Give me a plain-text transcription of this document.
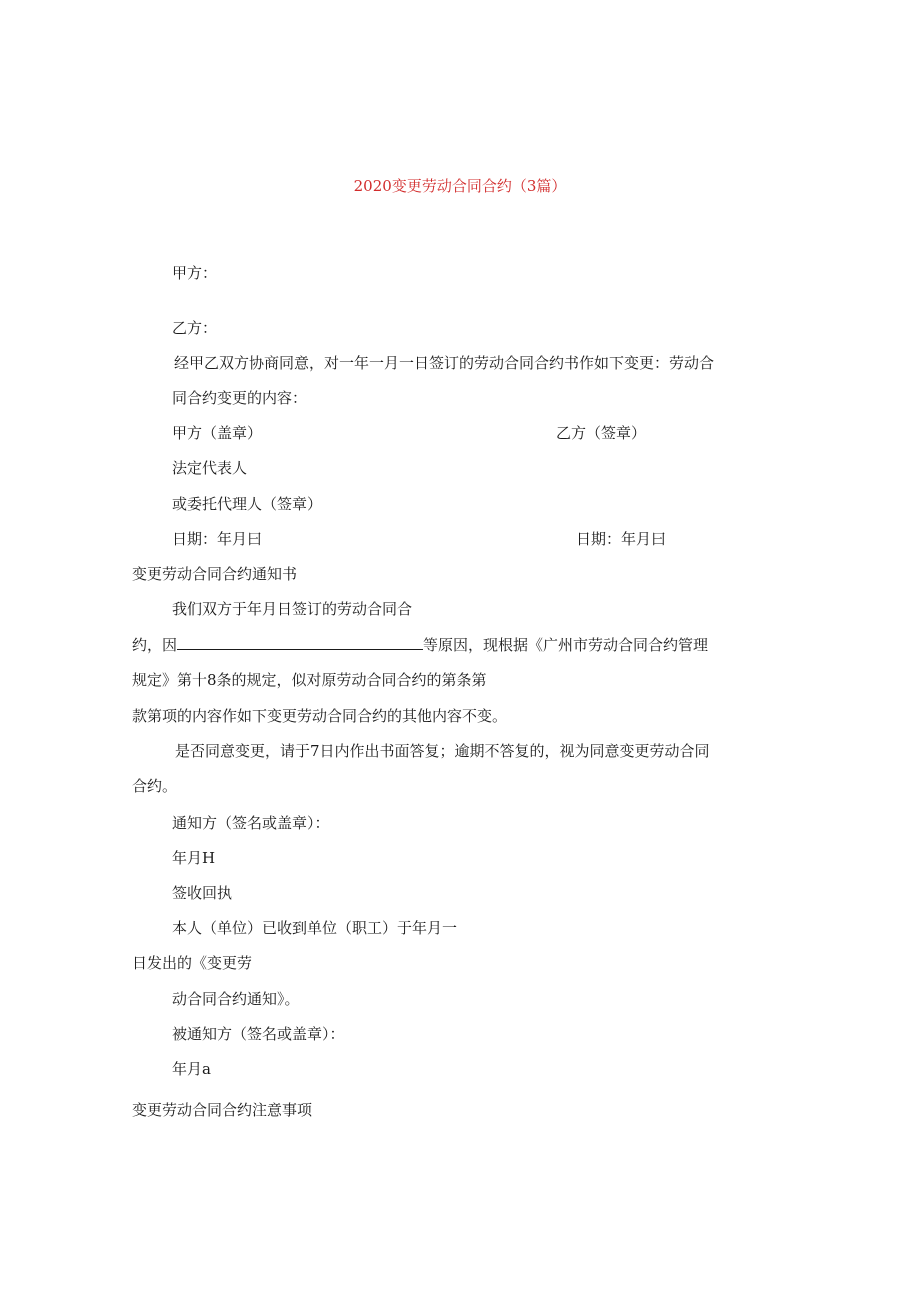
2020变更劳动合同合约（3篇）
甲方：
乙方：
经甲乙双方协商同意，对一年一月一日签订的劳动合同合约书作如下变更：劳动合
同合约变更的内容：
甲方（盖章）	乙方（签章）
法定代表人
或委托代理人（签章）
日期：年月曰	日期：年月曰
变更劳动合同合约通知书
我们双方于年月日签订的劳动合同合
约，因	等原因，现根据《广州市劳动合同合约管理
规定》第十8条的规定，似对原劳动合同合约的第条第
款第项的内容作如下变更劳动合同合约的其他内容不变。
是否同意变更，请于7日内作出书面答复；逾期不答复的，视为同意变更劳动合同
合约。
通知方（签名或盖章）：
年月H
签收回执
本人（单位）已收到单位（职工）于年月一
日发出的《变更劳
动合同合约通知》。
被通知方（签名或盖章）：
年月a
变更劳动合同合约注意事项
